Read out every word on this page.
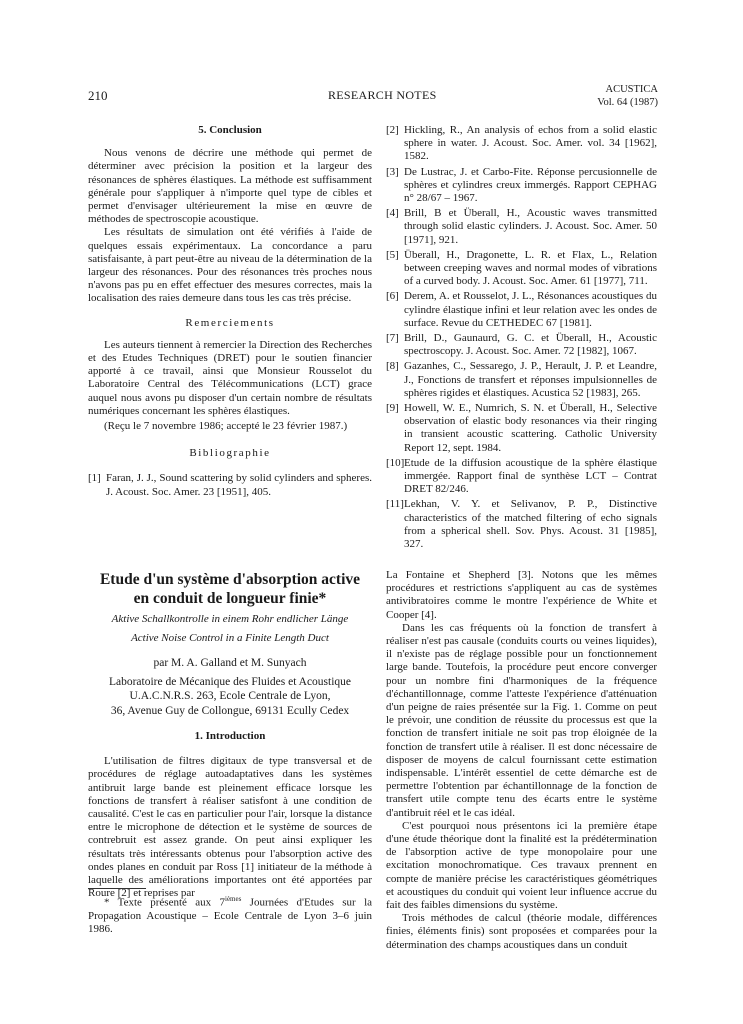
210	RESEARCH NOTES	ACUSTICA
Vol. 64 (1987)
5. Conclusion

Nous venons de décrire une méthode qui permet de déterminer avec précision la position et la largeur des résonances de sphères élastiques. La méthode est suffisamment générale pour s'appliquer à n'importe quel type de cibles et permet d'envisager ultérieurement la mise en œuvre de méthodes de spectroscopie acoustique.

Les résultats de simulation ont été vérifiés à l'aide de quelques essais expérimentaux. La concordance a paru satisfaisante, à part peut-être au niveau de la détermination de la largeur des résonances. Pour des résonances très proches nous n'avons pas pu en effet effectuer des mesures correctes, mais la localisation des raies demeure dans tous les cas très précise.

Remerciements

Les auteurs tiennent à remercier la Direction des Recherches et des Etudes Techniques (DRET) pour le soutien financier apporté à ce travail, ainsi que Monsieur Rousselot du Laboratoire Central des Télécommunications (LCT) grace auquel nous avons pu disposer d'un certain nombre de résultats numériques concernant les sphères élastiques.

(Reçu le 7 novembre 1986; accepté le 23 février 1987.)

Bibliographie
[1] Faran, J. J., Sound scattering by solid cylinders and spheres. J. Acoust. Soc. Amer. 23 [1951], 405.
[2] Hickling, R., An analysis of echos from a solid elastic sphere in water. J. Acoust. Soc. Amer. vol. 34 [1962], 1582.
[3] De Lustrac, J. et Carbo-Fite. Réponse percusionnelle de sphères et cylindres creux immergés. Rapport CEPHAG n° 28/67 – 1967.
[4] Brill, B et Überall, H., Acoustic waves transmitted through solid elastic cylinders. J. Acoust. Soc. Amer. 50 [1971], 921.
[5] Überall, H., Dragonette, L. R. et Flax, L., Relation between creeping waves and normal modes of vibrations of a curved body. J. Acoust. Soc. Amer. 61 [1977], 711.
[6] Derem, A. et Rousselot, J. L., Résonances acoustiques du cylindre élastique infini et leur relation avec les ondes de surface. Revue du CETHEDEC 67 [1981].
[7] Brill, D., Gaunaurd, G. C. et Überall, H., Acoustic spectroscopy. J. Acoust. Soc. Amer. 72 [1982], 1067.
[8] Gazanhes, C., Sessarego, J. P., Herault, J. P. et Leandre, J., Fonctions de transfert et réponses impulsionnelles de sphères rigides et élastiques. Acustica 52 [1983], 265.
[9] Howell, W. E., Numrich, S. N. et Überall, H., Selective observation of elastic body resonances via their ringing in transient acoustic scattering. Catholic University Report 12, sept. 1984.
[10] Etude de la diffusion acoustique de la sphère élastique immergée. Rapport final de synthèse LCT – Contrat DRET 82/246.
[11] Lekhan, V. Y. et Selivanov, P. P., Distinctive characteristics of the matched filtering of echo signals from a spherical shell. Sov. Phys. Acoust. 31 [1985], 327.
Etude d'un système d'absorption active
en conduit de longueur finie*
Aktive Schallkontrolle in einem Rohr endlicher Länge
Active Noise Control in a Finite Length Duct
par M. A. Galland et M. Sunyach
Laboratoire de Mécanique des Fluides et Acoustique
U.A.C.N.R.S. 263, Ecole Centrale de Lyon,
36, Avenue Guy de Collongue, 69131 Ecully Cedex
1. Introduction

L'utilisation de filtres digitaux de type transversal et de procédures de réglage autoadaptatives dans les systèmes antibruit large bande est pleinement efficace lorsque les fonctions de transfert à réaliser satisfont à une condition de causalité. C'est le cas en particulier pour l'air, lorsque la distance entre le microphone de détection et le système de sources de contrebruit est assez grande. On peut ainsi expliquer les résultats très intéressants obtenus pour l'absorption active des ondes planes en conduit par Ross [1] initiateur de la méthode à laquelle des améliorations importantes ont été apportées par Roure [2] et reprises par

* Texte présenté aux $7^{ièmes}$ Journées d'Etudes sur la Propagation Acoustique – Ecole Centrale de Lyon 3–6 juin 1986.

La Fontaine et Shepherd [3]. Notons que les mêmes procédures et restrictions s'appliquent au cas de systèmes antivibratoires comme le montre l'expérience de White et Cooper [4].

Dans les cas fréquents où la fonction de transfert à réaliser n'est pas causale (conduits courts ou veines liquides), il n'existe pas de réglage possible pour un fonctionnement large bande. Toutefois, la procédure peut encore converger pour un nombre fini d'harmoniques de la fréquence d'échantillonnage, comme l'atteste l'expérience d'atténuation d'un peigne de raies présentée sur la Fig. 1. Comme on peut le prévoir, une condition de réussite du processus est que la fonction de transfert initiale ne soit pas trop éloignée de la fonction de transfert utile à réaliser. Il est donc nécessaire de disposer de moyens de calcul fournissant cette estimation indispensable. L'intérêt essentiel de cette démarche est de permettre l'obtention par échantillonnage de la fonction de transfert utile compte tenu des écarts entre le système d'antibruit réel et le cas idéal.

C'est pourquoi nous présentons ici la première étape d'une étude théorique dont la finalité est la prédétermination de l'absorption active de type monopolaire pour une excitation monochromatique. Ces travaux prennent en compte de manière précise les caractéristiques géométriques et acoustiques du conduit qui voient leur influence accrue du fait des faibles dimensions du système.

Trois méthodes de calcul (théorie modale, différences finies, éléments finis) sont proposées et comparées pour la détermination des champs acoustiques dans un conduit
